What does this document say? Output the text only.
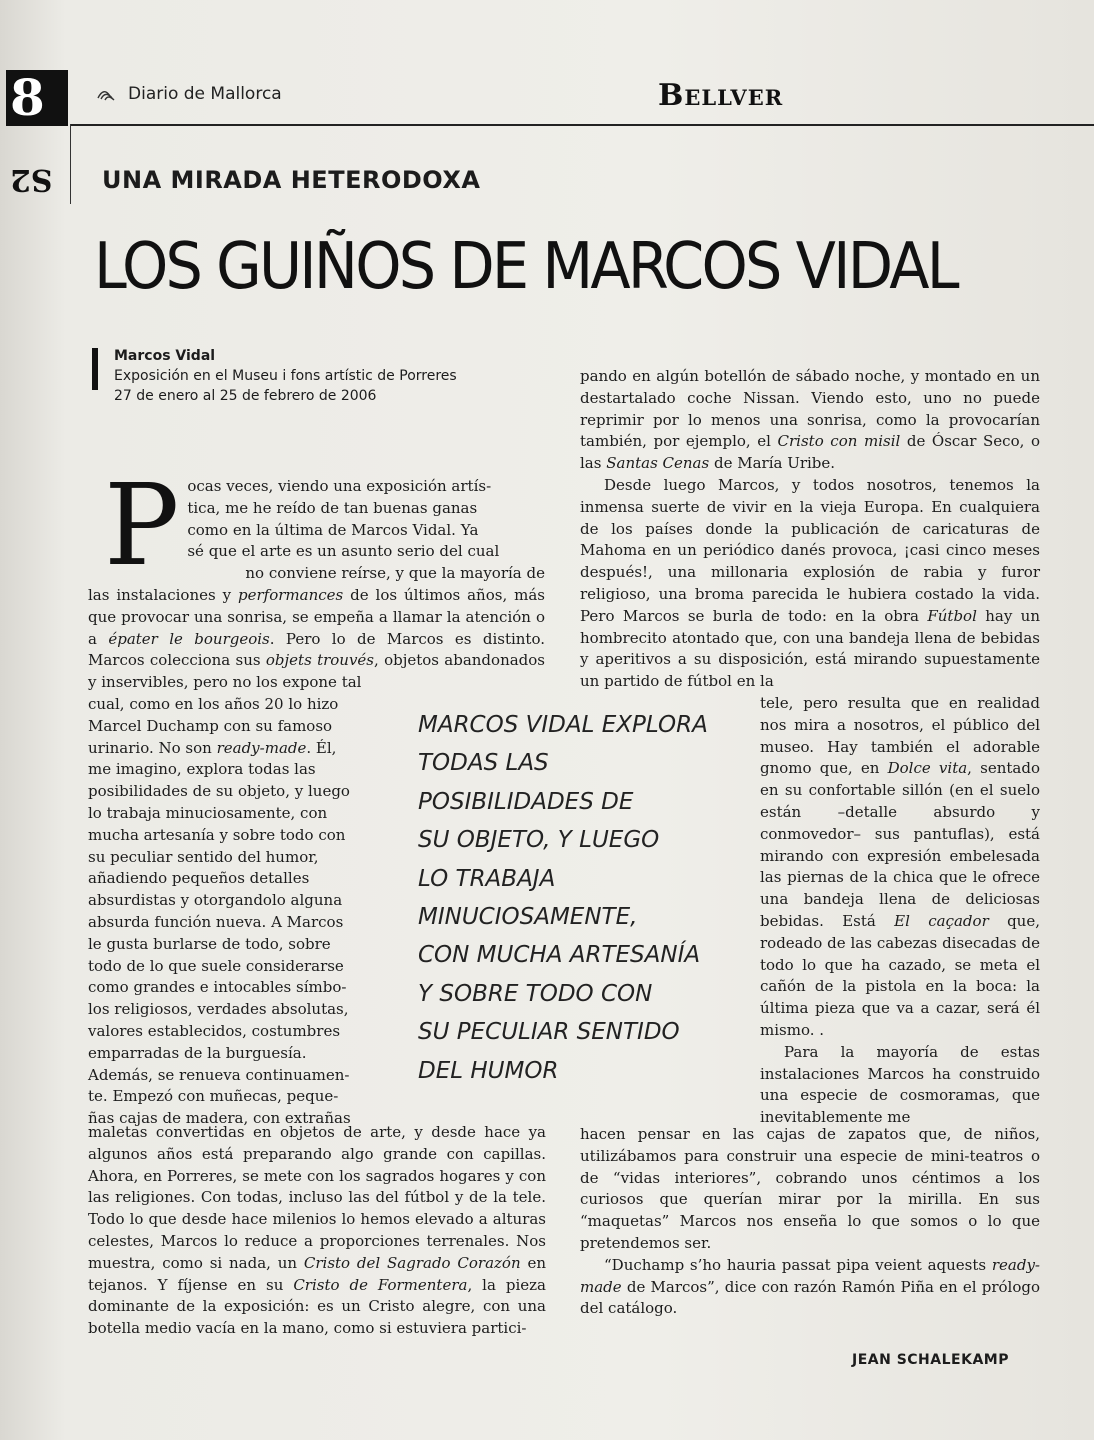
8	Diario de Mallorca	Bellver
S2 UNA MIRADA HETERODOXA
LOS GUIÑOS DE MARCOS VIDAL
Marcos Vidal
Exposición en el Museu i fons artístic de Porreres
27 de enero al 25 de febrero de 2006
P ocas veces, viendo una exposición artís-
tica, me he reído de tan buenas ganas
como en la última de Marcos Vidal. Ya
sé que el arte es un asunto serio del cual
no conviene reírse, y que la mayoría de

las instalaciones y performances de los últimos años, más que provocar una sonrisa, se empeña a llamar la atención o a épater le bourgeois. Pero lo de Marcos es distinto. Marcos colecciona sus objets trouvés, objetos abandonados y inservibles, pero no los expone tal

cual, como en los años 20 lo hizo
Marcel Duchamp con su famoso
urinario. No son ready-made. Él,
me imagino, explora todas las
posibilidades de su objeto, y luego
lo trabaja minuciosamente, con
mucha artesanía y sobre todo con
su peculiar sentido del humor,
añadiendo pequeños detalles
absurdistas y otorgandolo alguna
absurda función nueva. A Marcos
le gusta burlarse de todo, sobre
todo de lo que suele considerarse
como grandes e intocables símbo-
los religiosos, verdades absolutas,
valores establecidos, costumbres
emparradas de la burguesía.
Además, se renueva continuamen-
te. Empezó con muñecas, peque-
ñas cajas de madera, con extrañas

maletas convertidas en objetos de arte, y desde hace ya algunos años está preparando algo grande con capillas. Ahora, en Porreres, se mete con los sagrados hogares y con las religiones. Con todas, incluso las del fútbol y de la tele. Todo lo que desde hace milenios lo hemos elevado a alturas celestes, Marcos lo reduce a proporciones terrenales. Nos muestra, como si nada, un Cristo del Sagrado Corazón en tejanos. Y fíjense en su Cristo de Formentera, la pieza dominante de la exposición: es un Cristo alegre, con una botella medio vacía en la mano, como si estuviera partici-

pando en algún botellón de sábado noche, y montado en un destartalado coche Nissan. Viendo esto, uno no puede reprimir por lo menos una sonrisa, como la provocarían también, por ejemplo, el Cristo con misil de Óscar Seco, o las Santas Cenas de María Uribe.

Desde luego Marcos, y todos nosotros, tenemos la inmensa suerte de vivir en la vieja Europa. En cualquiera de los países donde la publicación de caricaturas de Mahoma en un periódico danés provoca, ¡casi cinco meses después!, una millonaria explosión de rabia y furor religioso, una broma parecida le hubiera costado la vida. Pero Marcos se burla de todo: en la obra Fútbol hay un hombrecito atontado que, con una bandeja llena de bebidas y aperitivos a su disposición, está mirando supuestamente un partido de fútbol en la

tele, pero resulta que en realidad nos mira a nosotros, el público del museo. Hay también el adorable gnomo que, en Dolce vita, sentado en su confortable sillón (en el suelo están –detalle absurdo y conmovedor– sus pantuflas), está mirando con expresión embelesada las piernas de la chica que le ofrece una bandeja llena de deliciosas bebidas. Está El caçador que, rodeado de las cabezas disecadas de todo lo que ha cazado, se meta el cañón de la pistola en la boca: la última pieza que va a cazar, será él mismo. .

Para la mayoría de estas instalaciones Marcos ha construido una especie de cosmoramas, que inevitablemente me

hacen pensar en las cajas de zapatos que, de niños, utilizábamos para construir una especie de mini-teatros o de “vidas interiores”, cobrando unos céntimos a los curiosos que querían mirar por la mirilla. En sus “maquetas” Marcos nos enseña lo que somos o lo que pretendemos ser.

“Duchamp s’ho hauria passat pipa veient aquests ready-made de Marcos”, dice con razón Ramón Piña en el prólogo del catálogo.

MARCOS VIDAL EXPLORA
TODAS LAS
POSIBILIDADES DE
SU OBJETO, Y LUEGO
LO TRABAJA
MINUCIOSAMENTE,
CON MUCHA ARTESANÍA
Y SOBRE TODO CON
SU PECULIAR SENTIDO
DEL HUMOR
JEAN SCHALEKAMP
